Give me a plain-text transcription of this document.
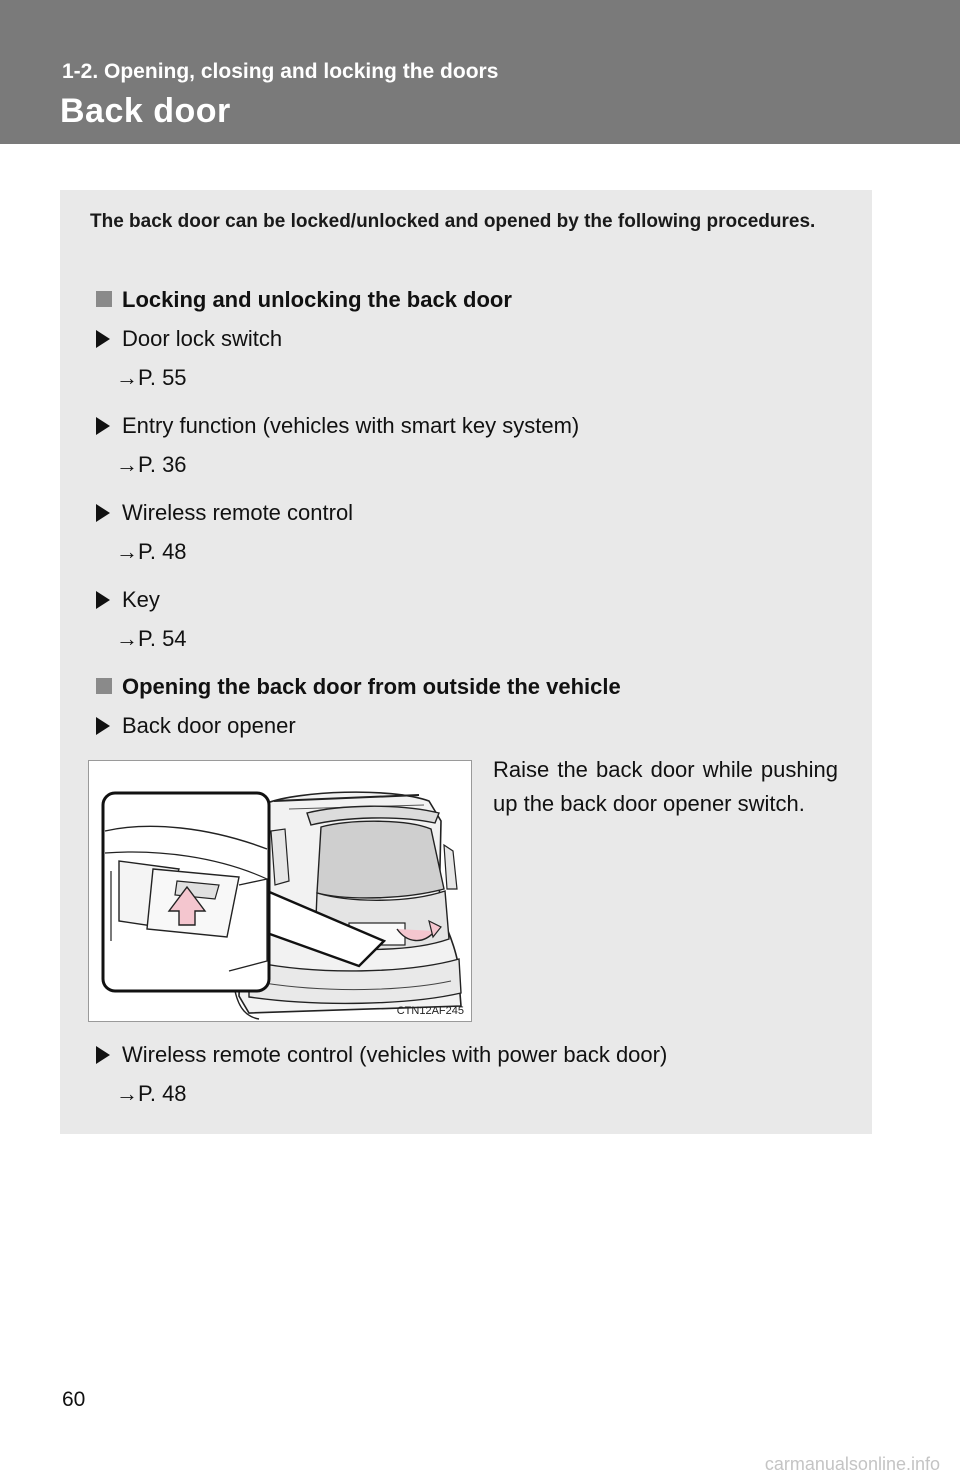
1-2. Opening, closing and locking the doors
Back door
The back door can be locked/unlocked and opened by the following procedures.
Locking and unlocking the back door
Door lock switch
→P. 55
Entry function (vehicles with smart key system)
→P. 36
Wireless remote control
→P. 48
Key
→P. 54
Opening the back door from outside the vehicle
Back door opener
Raise the back door while pushing up the back door opener switch.
CTN12AF245
Wireless remote control (vehicles with power back door)
→P. 48
60
carmanualsonline.info
